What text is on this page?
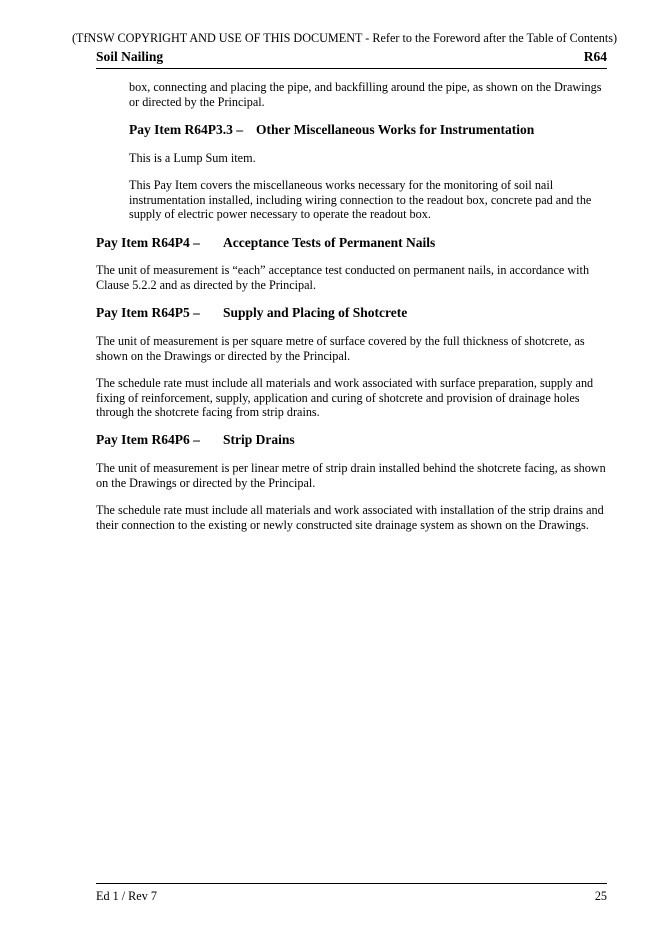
(TfNSW COPYRIGHT AND USE OF THIS DOCUMENT - Refer to the Foreword after the Table of Contents)
Soil Nailing	R64

box, connecting and placing the pipe, and backfilling around the pipe, as shown on the Drawings or directed by the Principal.

Pay Item R64P3.3 – Other Miscellaneous Works for Instrumentation

This is a Lump Sum item.

This Pay Item covers the miscellaneous works necessary for the monitoring of soil nail instrumentation installed, including wiring connection to the readout box, concrete pad and the supply of electric power necessary to operate the readout box.

Pay Item R64P4 – Acceptance Tests of Permanent Nails

The unit of measurement is “each” acceptance test conducted on permanent nails, in accordance with Clause 5.2.2 and as directed by the Principal.

Pay Item R64P5 – Supply and Placing of Shotcrete

The unit of measurement is per square metre of surface covered by the full thickness of shotcrete, as shown on the Drawings or directed by the Principal.

The schedule rate must include all materials and work associated with surface preparation, supply and fixing of reinforcement, supply, application and curing of shotcrete and provision of drainage holes through the shotcrete facing from strip drains.

Pay Item R64P6 – Strip Drains

The unit of measurement is per linear metre of strip drain installed behind the shotcrete facing, as shown on the Drawings or directed by the Principal.

The schedule rate must include all materials and work associated with installation of the strip drains and their connection to the existing or newly constructed site drainage system as shown on the Drawings.

Ed 1 / Rev 7	25
